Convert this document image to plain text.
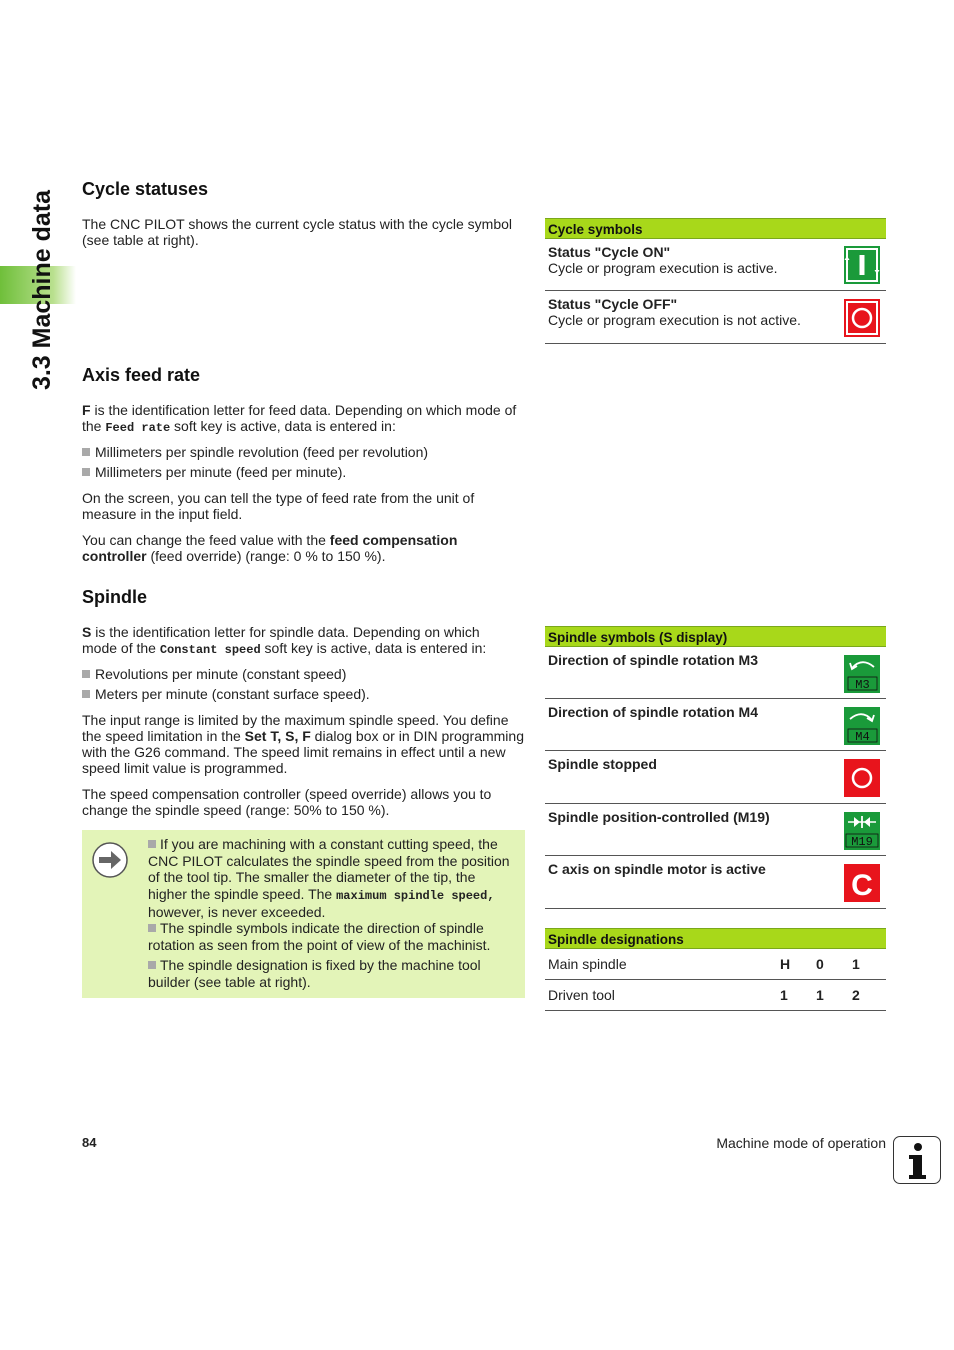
3.3 Machine data
Cycle statuses

The CNC PILOT shows the current cycle status with the cycle symbol (see table at right).

Axis feed rate

F is the identification letter for feed data. Depending on which mode of the Feed rate soft key is active, data is entered in:

Millimeters per spindle revolution (feed per revolution)
Millimeters per minute (feed per minute).

On the screen, you can tell the type of feed rate from the unit of measure in the input field.

You can change the feed value with the feed compensation controller (feed override) (range: 0 % to 150 %).

Spindle

S is the identification letter for spindle data. Depending on which mode of the Constant speed soft key is active, data is entered in:

Revolutions per minute (constant speed)
Meters per minute (constant surface speed).

The input range is limited by the maximum spindle speed. You define the speed limitation in the Set T, S, F dialog box or in DIN programming with the G26 command. The speed limit remains in effect until a new speed limit value is programmed.

The speed compensation controller (speed override) allows you to change the spindle speed (range: 50% to 150 %).

If you are machining with a constant cutting speed, the CNC PILOT calculates the spindle speed from the position of the tool tip. The smaller the diameter of the tip, the higher the spindle speed. The maximum spindle speed, however, is never exceeded.
The spindle symbols indicate the direction of spindle rotation as seen from the point of view of the machinist.
The spindle designation is fixed by the machine tool builder (see table at right).
Cycle symbols
Status "Cycle ON"
Cycle or program execution is active.
Status "Cycle OFF"
Cycle or program execution is not active.
Spindle symbols (S display)
Direction of spindle rotation M3
M3
Direction of spindle rotation M4
M4
Spindle stopped
Spindle position-controlled (M19)
M19
C axis on spindle motor is active	C
Spindle designations
Main spindle	H 0 1
Driven tool	1 1 2
84	Machine mode of operation
